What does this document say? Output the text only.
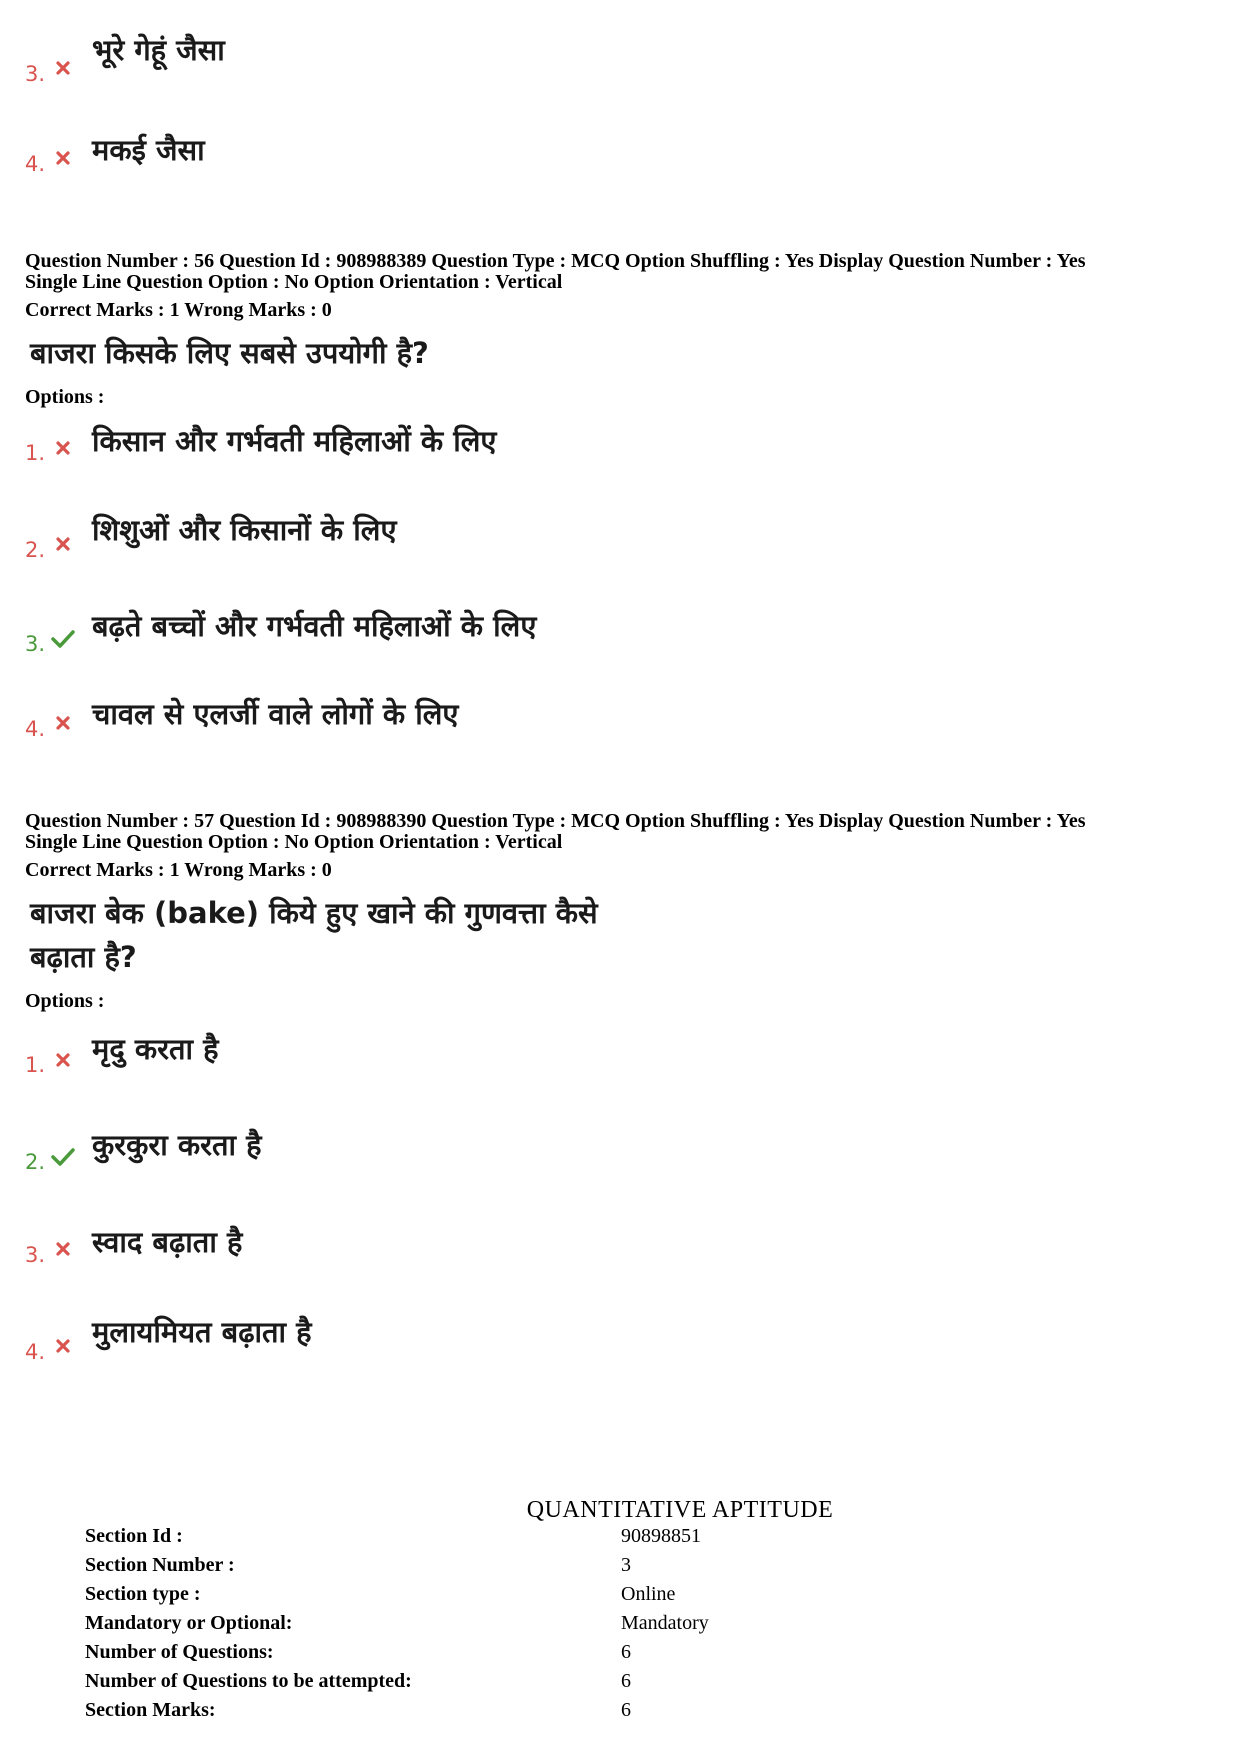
3.
भूरे गेहूं जैसा
4. मकई जैसा
Question Number : 56 Question Id : 908988389 Question Type : MCQ Option Shuffling : Yes Display Question Number : Yes
Single Line Question Option : No Option Orientation : Vertical
Correct Marks : 1 Wrong Marks : 0
बाजरा किसके लिए सबसे उपयोगी है?
Options :
1. किसान और गर्भवती महिलाओं के लिए
2.
शिशुओं और किसानों के लिए
3.
बढ़ते बच्चों और गर्भवती महिलाओं के लिए
4. चावल से एलर्जी वाले लोगों के लिए
Question Number : 57 Question Id : 908988390 Question Type : MCQ Option Shuffling : Yes Display Question Number : Yes
Single Line Question Option : No Option Orientation : Vertical
Correct Marks : 1 Wrong Marks : 0
बाजरा बेक (bake) किये हुए खाने की गुणवत्ता कैसे
बढ़ाता है?
Options :
1. मृदु करता है
2. कुरकुरा करता है
3. स्वाद बढ़ाता है
4.
मुलायमियत बढ़ाता है
QUANTITATIVE APTITUDE
Section Id :	90898851
Section Number :	3
Section type :	Online
Mandatory or Optional:	Mandatory
Number of Questions:	6
Number of Questions to be attempted:	6
Section Marks:	6
